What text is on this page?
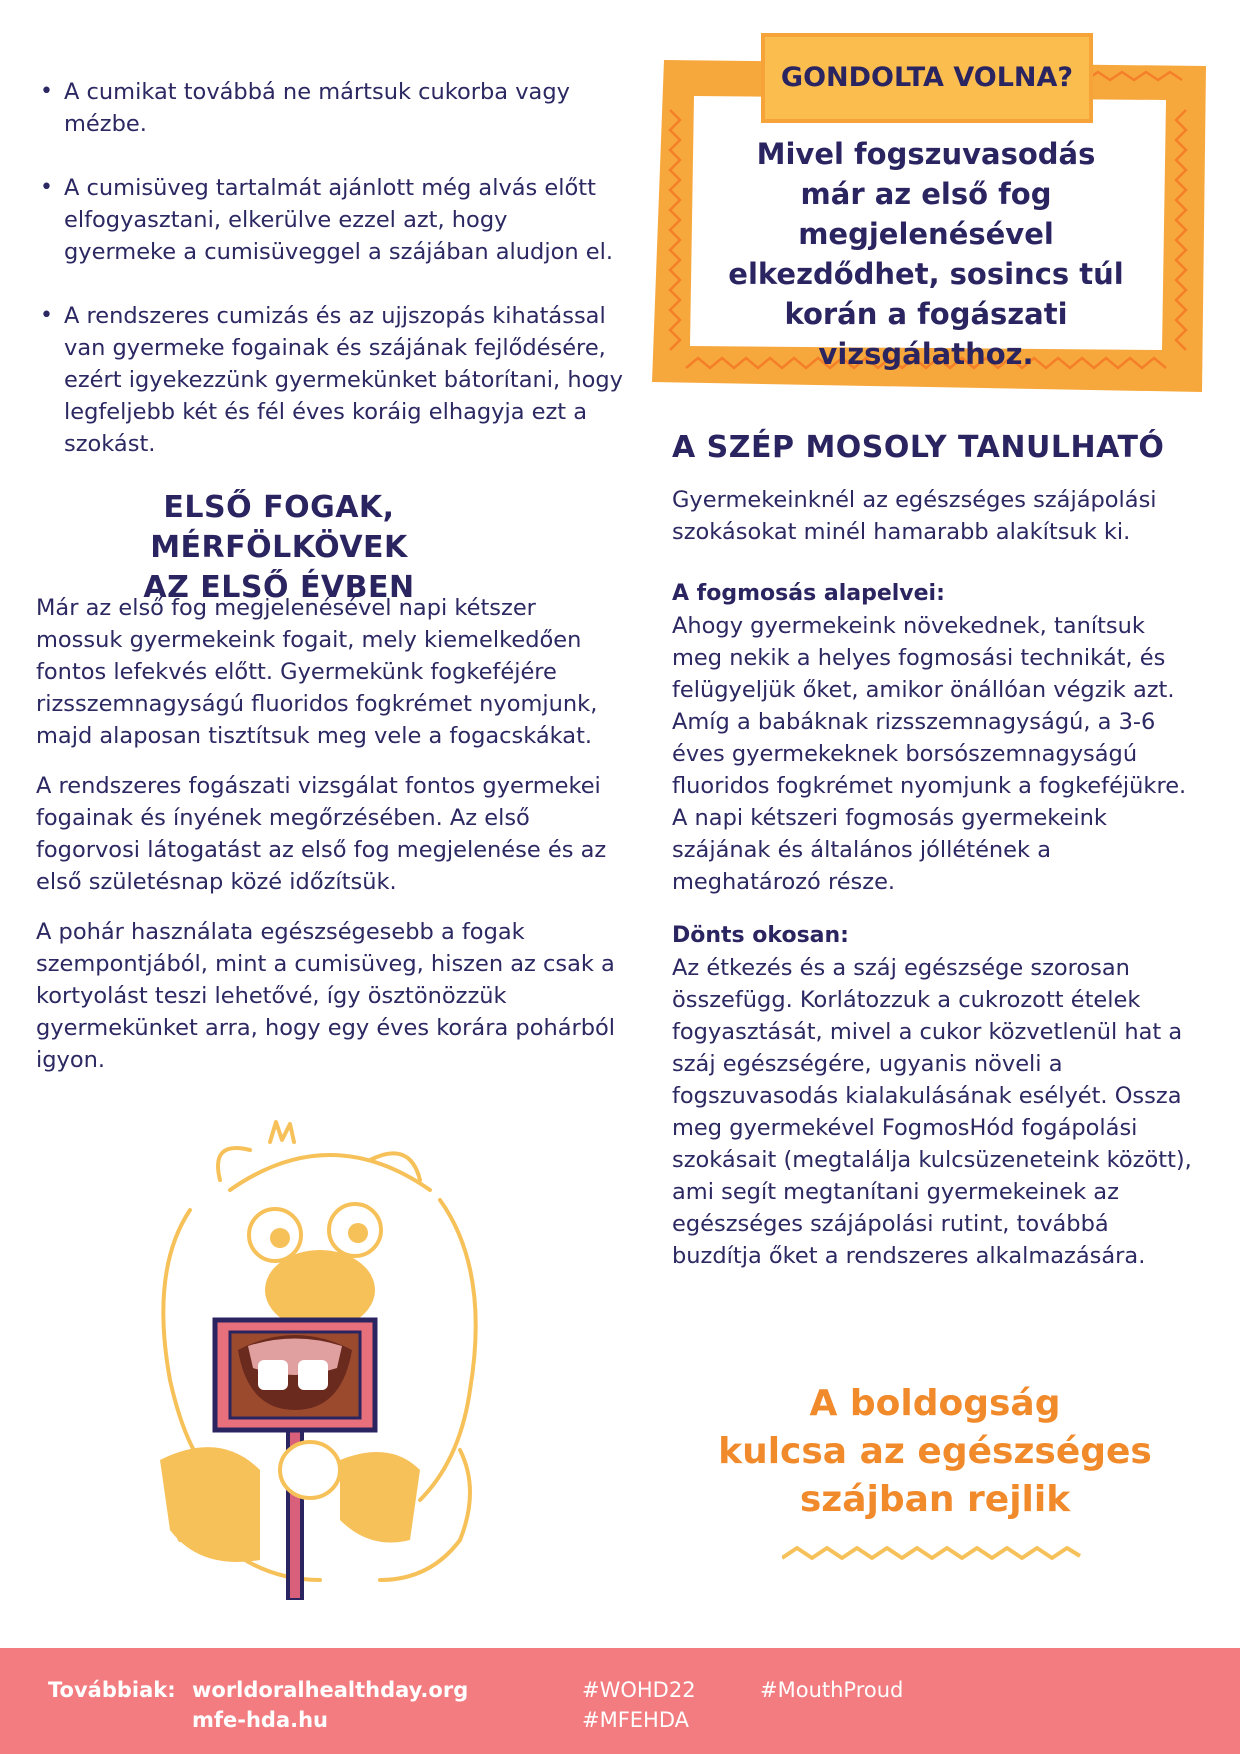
• A cumikat továbbá ne mártsuk cukorba vagy mézbe.
• A cumisüveg tartalmát ajánlott még alvás előtt elfogyasztani, elkerülve ezzel azt, hogy gyermeke a cumisüveggel a szájában aludjon el.
• A rendszeres cumizás és az ujjszopás kihatással van gyermeke fogainak és szájának fejlődésére, ezért igyekezzünk gyermekünket bátorítani, hogy legfeljebb két és fél éves koráig elhagyja ezt a szokást.
ELSŐ FOGAK, MÉRFÖLKÖVEK
AZ ELSŐ ÉVBEN

Már az első fog megjelenésével napi kétszer mossuk gyermekeink fogait, mely kiemelkedően fontos lefekvés előtt. Gyermekünk fogkeféjére rizsszemnagyságú fluoridos fogkrémet nyomjunk, majd alaposan tisztítsuk meg vele a fogacskákat.

A rendszeres fogászati vizsgálat fontos gyermekei fogainak és ínyének megőrzésében. Az első fogorvosi látogatást az első fog megjelenése és az első születésnap közé időzítsük.

A pohár használata egészségesebb a fogak szempontjából, mint a cumisüveg, hiszen az csak a kortyolást teszi lehetővé, így ösztönözzük gyermekünket arra, hogy egy éves korára pohárból igyon.

GONDOLTA VOLNA?
Mivel fogszuvasodás már az első fog megjelenésével elkezdődhet, sosincs túl korán a fogászati vizsgálathoz.
A SZÉP MOSOLY TANULHATÓ
Gyermekeinknél az egészséges szájápolási szokásokat minél hamarabb alakítsuk ki.

A fogmosás alapelvei:

Ahogy gyermekeink növekednek, tanítsuk meg nekik a helyes fogmosási technikát, és felügyeljük őket, amikor önállóan végzik azt. Amíg a babáknak rizsszemnagyságú, a 3-6 éves gyermekeknek borsószemnagyságú fluoridos fogkrémet nyomjunk a fogkeféjükre. A napi kétszeri fogmosás gyermekeink szájának és általános jóllétének a meghatározó része.

Dönts okosan:

Az étkezés és a száj egészsége szorosan összefügg. Korlátozzuk a cukrozott ételek fogyasztását, mivel a cukor közvetlenül hat a száj egészségére, ugyanis növeli a fogszuvasodás kialakulásának esélyét. Ossza meg gyermekével FogmosHód fogápolási szokásait (megtalálja kulcsüzeneteink között), ami segít megtanítani gyermekeinek az egészséges szájápolási rutint, továbbá buzdítja őket a rendszeres alkalmazására.

A boldogság
kulcsa az egészséges
szájban rejlik
Továbbiak: worldoralhealthday.org
mfe-hda.hu
#WOHD22
#MFEHDA
#MouthProud
